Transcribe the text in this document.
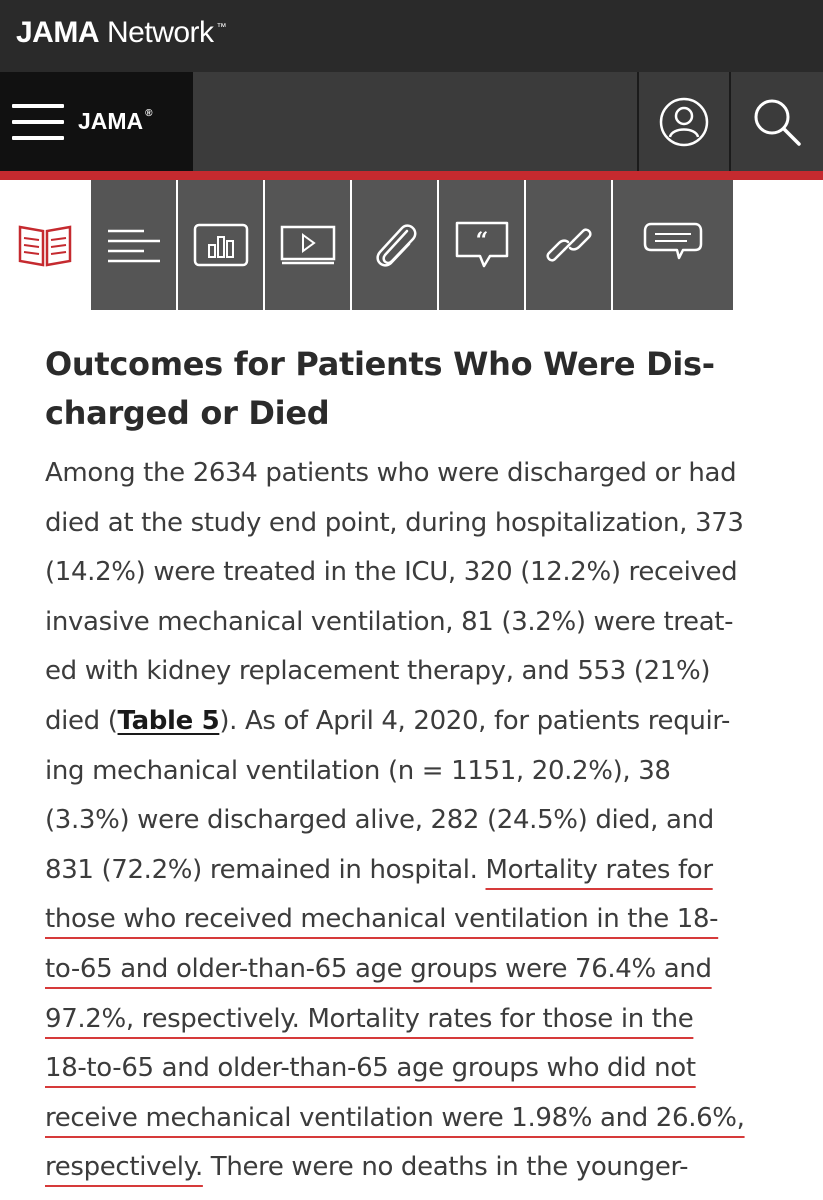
JAMA Network ™
JAMA ®
“
Outcomes for Patients Who Were Dis-
charged or Died
Among the 2634 patients who were discharged or had
died at the study end point, during hospitalization, 373
(14.2%) were treated in the ICU, 320 (12.2%) received
invasive mechanical ventilation, 81 (3.2%) were treat-
ed with kidney replacement therapy, and 553 (21%)
died (Table 5). As of April 4, 2020, for patients requir-
ing mechanical ventilation (n = 1151, 20.2%), 38
(3.3%) were discharged alive, 282 (24.5%) died, and
831 (72.2%) remained in hospital. Mortality rates for
those who received mechanical ventilation in the 18-
to-65 and older-than-65 age groups were 76.4% and
97.2%, respectively. Mortality rates for those in the
18-to-65 and older-than-65 age groups who did not
receive mechanical ventilation were 1.98% and 26.6%,
respectively. There were no deaths in the younger-
